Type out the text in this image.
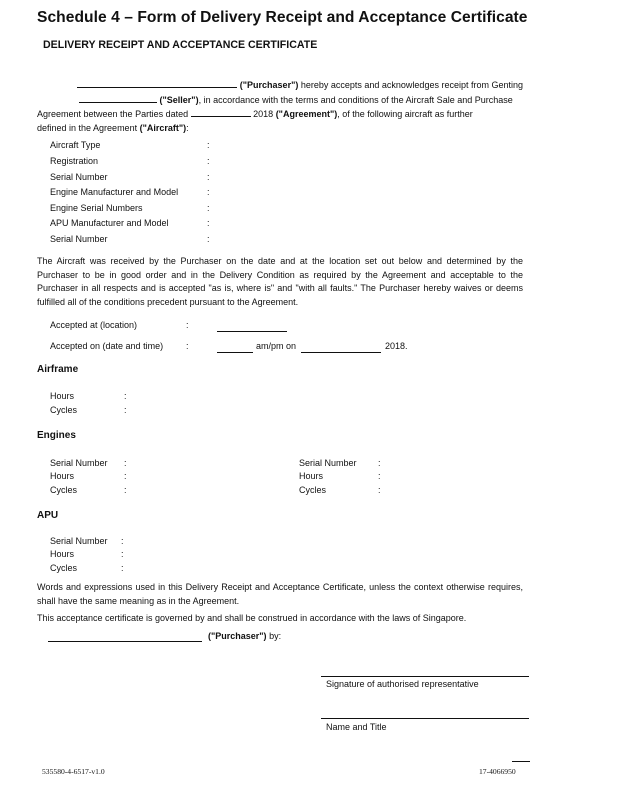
Schedule 4 – Form of Delivery Receipt and Acceptance Certificate
DELIVERY RECEIPT AND ACCEPTANCE CERTIFICATE
("Purchaser") hereby accepts and acknowledges receipt from Genting
("Seller"), in accordance with the terms and conditions of the Aircraft Sale and Purchase
Agreement between the Parties dated	2018 ("Agreement"), of the following aircraft as further
defined in the Agreement ("Aircraft"):
Aircraft Type	:
Registration	:
Serial Number	:
Engine Manufacturer and Model	:
Engine Serial Numbers	:
APU Manufacturer and Model	:
Serial Number	:
The Aircraft was received by the Purchaser on the date and at the location set out below and determined by the Purchaser to be in good order and in the Delivery Condition as required by the Agreement and acceptable to the Purchaser in all respects and is accepted "as is, where is" and "with all faults." The Purchaser hereby waives or deems fulfilled all of the conditions precedent pursuant to the Agreement.
Accepted at (location)	:
Accepted on (date and time)	:	am/pm on	2018.
Airframe
Hours	:
Cycles	:
Engines
Serial Number :
Hours	:
Cycles	:
Serial Number :
Hours	:
Cycles	:
APU
Serial Number :
Hours	:
Cycles	:
Words and expressions used in this Delivery Receipt and Acceptance Certificate, unless the context otherwise requires, shall have the same meaning as in the Agreement.
This acceptance certificate is governed by and shall be construed in accordance with the laws of Singapore.
("Purchaser") by:
Signature of authorised representative
Name and Title
535580-4-6517-v1.0	17-4066950
